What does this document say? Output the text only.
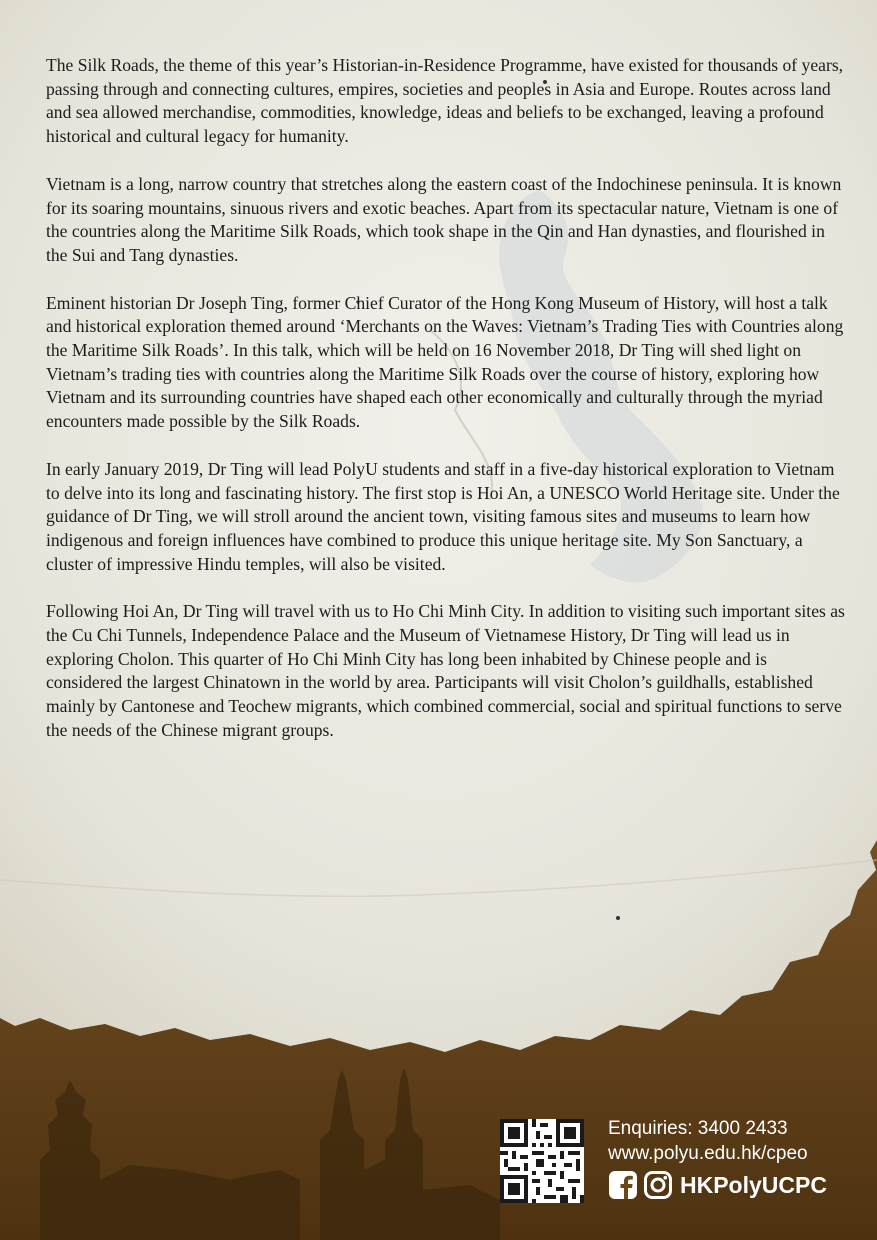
The Silk Roads, the theme of this year’s Historian-in-Residence Programme, have existed for thousands of years, passing through and connecting cultures, empires, societies and peoples in Asia and Europe. Routes across land and sea allowed merchandise, commodities, knowledge, ideas and beliefs to be exchanged, leaving a profound historical and cultural legacy for humanity.

Vietnam is a long, narrow country that stretches along the eastern coast of the Indochinese peninsula. It is known for its soaring mountains, sinuous rivers and exotic beaches. Apart from its spectacular nature, Vietnam is one of the countries along the Maritime Silk Roads, which took shape in the Qin and Han dynasties, and flourished in the Sui and Tang dynasties.

Eminent historian Dr Joseph Ting, former Chief Curator of the Hong Kong Museum of History, will host a talk and historical exploration themed around ‘Merchants on the Waves: Vietnam’s Trading Ties with Countries along the Maritime Silk Roads’. In this talk, which will be held on 16 November 2018, Dr Ting will shed light on Vietnam’s trading ties with countries along the Maritime Silk Roads over the course of history, exploring how Vietnam and its surrounding countries have shaped each other economically and culturally through the myriad encounters made possible by the Silk Roads.

In early January 2019, Dr Ting will lead PolyU students and staff in a five-day historical exploration to Vietnam to delve into its long and fascinating history. The first stop is Hoi An, a UNESCO World Heritage site. Under the guidance of Dr Ting, we will stroll around the ancient town, visiting famous sites and museums to learn how indigenous and foreign influences have combined to produce this unique heritage site. My Son Sanctuary, a cluster of impressive Hindu temples, will also be visited.

Following Hoi An, Dr Ting will travel with us to Ho Chi Minh City. In addition to visiting such important sites as the Cu Chi Tunnels, Independence Palace and the Museum of Vietnamese History, Dr Ting will lead us in exploring Cholon. This quarter of Ho Chi Minh City has long been inhabited by Chinese people and is considered the largest Chinatown in the world by area. Participants will visit Cholon’s guildhalls, established mainly by Cantonese and Teochew migrants, which combined commercial, social and spiritual functions to serve the needs of the Chinese migrant groups.

Enquiries: 3400 2433
www.polyu.edu.hk/cpeo
HKPolyUCPC
